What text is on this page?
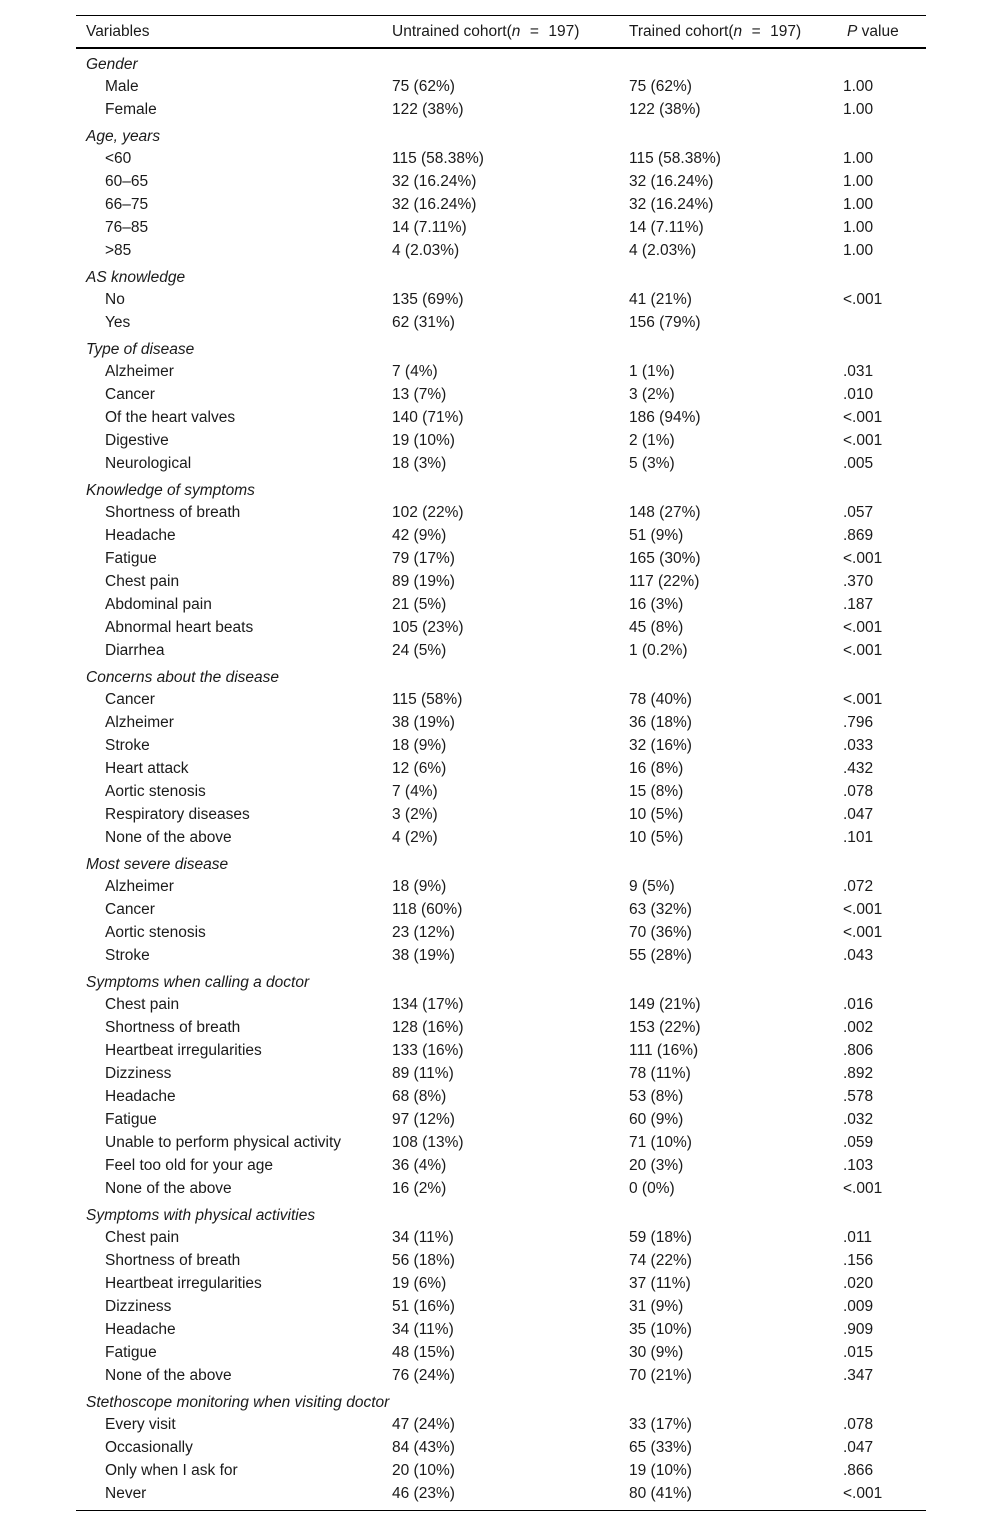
Variables	Untrained cohort(n = 197)	Trained cohort(n = 197)	P value
Gender			
Male	75 (62%)	75 (62%)	1.00
Female	122 (38%)	122 (38%)	1.00
Age, years			
<60	115 (58.38%)	115 (58.38%)	1.00
60–65	32 (16.24%)	32 (16.24%)	1.00
66–75	32 (16.24%)	32 (16.24%)	1.00
76–85	14 (7.11%)	14 (7.11%)	1.00
>85	4 (2.03%)	4 (2.03%)	1.00
AS knowledge			
No	135 (69%)	41 (21%)	<.001
Yes	62 (31%)	156 (79%)	
Type of disease			
Alzheimer	7 (4%)	1 (1%)	.031
Cancer	13 (7%)	3 (2%)	.010
Of the heart valves	140 (71%)	186 (94%)	<.001
Digestive	19 (10%)	2 (1%)	<.001
Neurological	18 (3%)	5 (3%)	.005
Knowledge of symptoms			
Shortness of breath	102 (22%)	148 (27%)	.057
Headache	42 (9%)	51 (9%)	.869
Fatigue	79 (17%)	165 (30%)	<.001
Chest pain	89 (19%)	117 (22%)	.370
Abdominal pain	21 (5%)	16 (3%)	.187
Abnormal heart beats	105 (23%)	45 (8%)	<.001
Diarrhea	24 (5%)	1 (0.2%)	<.001
Concerns about the disease			
Cancer	115 (58%)	78 (40%)	<.001
Alzheimer	38 (19%)	36 (18%)	.796
Stroke	18 (9%)	32 (16%)	.033
Heart attack	12 (6%)	16 (8%)	.432
Aortic stenosis	7 (4%)	15 (8%)	.078
Respiratory diseases	3 (2%)	10 (5%)	.047
None of the above	4 (2%)	10 (5%)	.101
Most severe disease			
Alzheimer	18 (9%)	9 (5%)	.072
Cancer	118 (60%)	63 (32%)	<.001
Aortic stenosis	23 (12%)	70 (36%)	<.001
Stroke	38 (19%)	55 (28%)	.043
Symptoms when calling a doctor			
Chest pain	134 (17%)	149 (21%)	.016
Shortness of breath	128 (16%)	153 (22%)	.002
Heartbeat irregularities	133 (16%)	111 (16%)	.806
Dizziness	89 (11%)	78 (11%)	.892
Headache	68 (8%)	53 (8%)	.578
Fatigue	97 (12%)	60 (9%)	.032
Unable to perform physical activity	108 (13%)	71 (10%)	.059
Feel too old for your age	36 (4%)	20 (3%)	.103
None of the above	16 (2%)	0 (0%)	<.001
Symptoms with physical activities			
Chest pain	34 (11%)	59 (18%)	.011
Shortness of breath	56 (18%)	74 (22%)	.156
Heartbeat irregularities	19 (6%)	37 (11%)	.020
Dizziness	51 (16%)	31 (9%)	.009
Headache	34 (11%)	35 (10%)	.909
Fatigue	48 (15%)	30 (9%)	.015
None of the above	76 (24%)	70 (21%)	.347
Stethoscope monitoring when visiting doctor			
Every visit	47 (24%)	33 (17%)	.078
Occasionally	84 (43%)	65 (33%)	.047
Only when I ask for	20 (10%)	19 (10%)	.866
Never	46 (23%)	80 (41%)	<.001
